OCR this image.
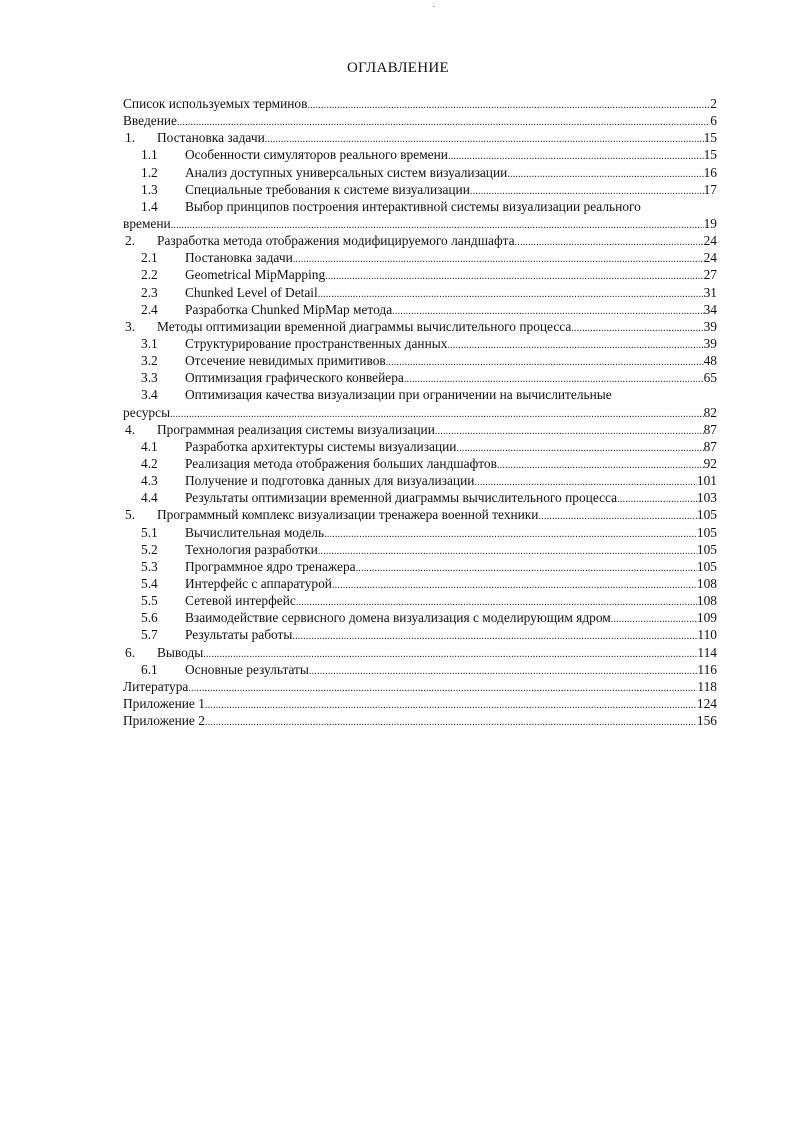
·
ОГЛАВЛЕНИЕ
Список используемых терминов .....	2
Введение .....	6
1.	Постановка задачи .....	15
1.1	Особенности симуляторов реального времени .....	15
1.2	Анализ доступных универсальных систем визуализации .....	16
1.3	Специальные требования к системе визуализации .....	17
1.4	Выбор принципов построения интерактивной системы визуализации реального
времени .....	19
2.	Разработка метода отображения модифицируемого ландшафта .....	24
2.1	Постановка задачи .....	24
2.2	Geometrical MipMapping .....	27
2.3	Chunked Level of Detail .....	31
2.4	Разработка Chunked MipMap метода .....	34
3.	Методы оптимизации временной диаграммы вычислительного процесса .....	39
3.1	Структурирование пространственных данных .....	39
3.2	Отсечение невидимых примитивов .....	48
3.3	Оптимизация графического конвейера .....	65
3.4	Оптимизация качества визуализации при ограничении на вычислительные
ресурсы .....	82
4.	Программная реализация системы визуализации .....	87
4.1	Разработка архитектуры системы визуализации .....	87
4.2	Реализация метода отображения больших ландшафтов .....	92
4.3	Получение и подготовка данных для визуализации .....	101
4.4	Результаты оптимизации временной диаграммы вычислительного процесса .....	103
5.	Программный комплекс визуализации тренажера военной техники .....	105
5.1	Вычислительная модель .....	105
5.2	Технология разработки .....	105
5.3	Программное ядро тренажера .....	105
5.4	Интерфейс с аппаратурой .....	108
5.5	Сетевой интерфейс .....	108
5.6	Взаимодействие сервисного домена визуализация с моделирующим ядром .....	109
5.7	Результаты работы .....	110
6.	Выводы .....	114
6.1	Основные результаты .....	116
Литература .....	118
Приложение 1 .....	124
Приложение 2 .....	156
